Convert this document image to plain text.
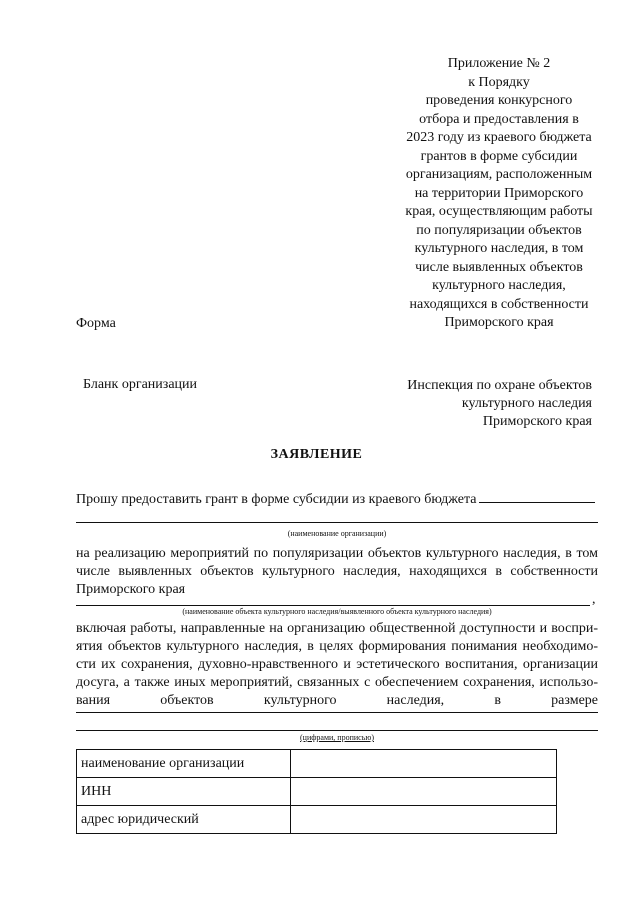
Приложение № 2
к Порядку
проведения конкурсного
отбора и предоставления в
2023 году из краевого бюджета
грантов в форме субсидии
организациям, расположенным
на территории Приморского
края, осуществляющим работы
по популяризации объектов
культурного наследия, в том
числе выявленных объектов
культурного наследия,
находящихся в собственности
Приморского края
Форма
Бланк организации	Инспекция по охране объектов
культурного наследия
Приморского края
ЗАЯВЛЕНИЕ
Прошу предоставить грант в форме субсидии из краевого бюджета
(наименование организации)
на реализацию мероприятий по популяризации объектов культурного наследия, в том числе выявленных объектов культурного наследия, находящихся в собственности Приморского края
,
(наименование объекта культурного наследия/выявленного объекта культурного наследия)
включая работы, направленные на организацию общественной доступности и воспри-
ятия объектов культурного наследия, в целях формирования понимания необходимо-
сти их сохранения, духовно-нравственного и эстетического воспитания, организации
досуга, а также иных мероприятий, связанных с обеспечением сохранения, использо-
вания объектов культурного наследия, в размере
(цифрами, прописью)
наименование организации	
ИНН	
адрес юридический	
